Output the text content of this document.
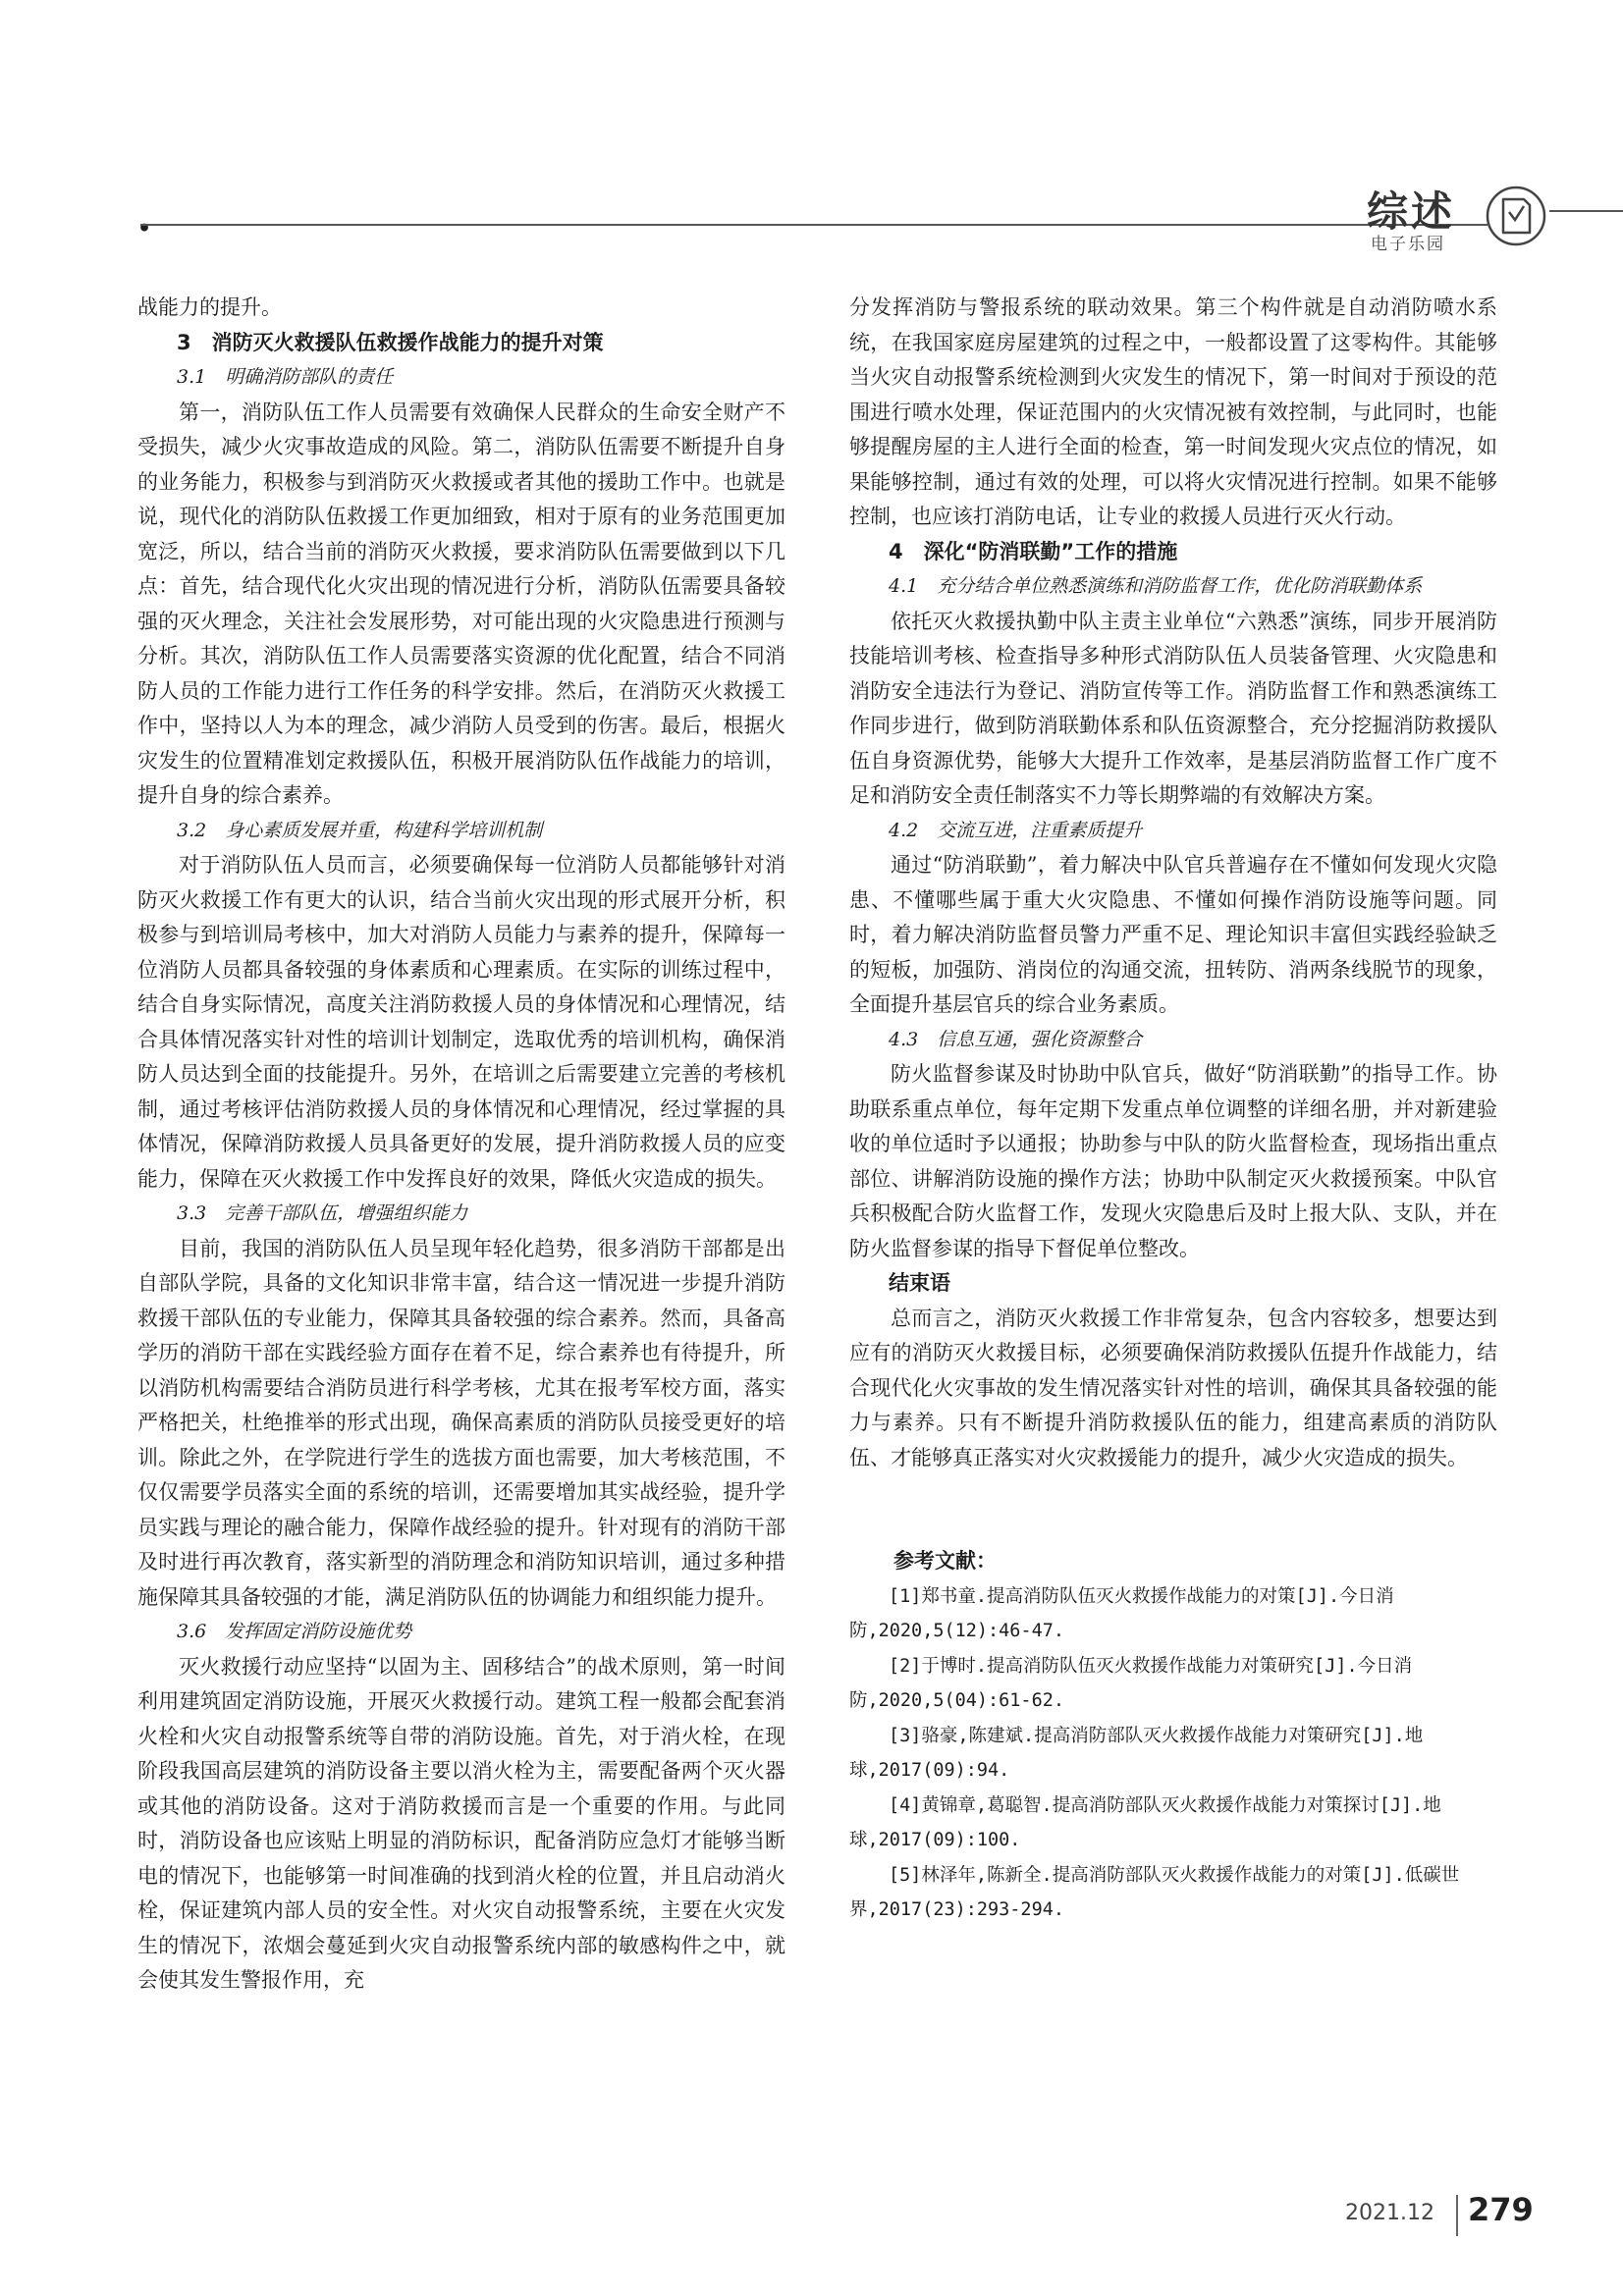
•	综述
电子乐园

战能力的提升。

3　消防灭火救援队伍救援作战能力的提升对策
3.1　明确消防部队的责任

第一，消防队伍工作人员需要有效确保人民群众的生命安全财产不受损失，减少火灾事故造成的风险。第二，消防队伍需要不断提升自身的业务能力，积极参与到消防灭火救援或者其他的援助工作中。也就是说，现代化的消防队伍救援工作更加细致，相对于原有的业务范围更加宽泛，所以，结合当前的消防灭火救援，要求消防队伍需要做到以下几点：首先，结合现代化火灾出现的情况进行分析，消防队伍需要具备较强的灭火理念，关注社会发展形势，对可能出现的火灾隐患进行预测与分析。其次，消防队伍工作人员需要落实资源的优化配置，结合不同消防人员的工作能力进行工作任务的科学安排。然后，在消防灭火救援工作中，坚持以人为本的理念，减少消防人员受到的伤害。最后，根据火灾发生的位置精准划定救援队伍，积极开展消防队伍作战能力的培训，提升自身的综合素养。

3.2　身心素质发展并重，构建科学培训机制

对于消防队伍人员而言，必须要确保每一位消防人员都能够针对消防灭火救援工作有更大的认识，结合当前火灾出现的形式展开分析，积极参与到培训局考核中，加大对消防人员能力与素养的提升，保障每一位消防人员都具备较强的身体素质和心理素质。在实际的训练过程中，结合自身实际情况，高度关注消防救援人员的身体情况和心理情况，结合具体情况落实针对性的培训计划制定，选取优秀的培训机构，确保消防人员达到全面的技能提升。另外，在培训之后需要建立完善的考核机制，通过考核评估消防救援人员的身体情况和心理情况，经过掌握的具体情况，保障消防救援人员具备更好的发展，提升消防救援人员的应变能力，保障在灭火救援工作中发挥良好的效果，降低火灾造成的损失。

3.3　完善干部队伍，增强组织能力

目前，我国的消防队伍人员呈现年轻化趋势，很多消防干部都是出自部队学院，具备的文化知识非常丰富，结合这一情况进一步提升消防救援干部队伍的专业能力，保障其具备较强的综合素养。然而，具备高学历的消防干部在实践经验方面存在着不足，综合素养也有待提升，所以消防机构需要结合消防员进行科学考核，尤其在报考军校方面，落实严格把关，杜绝推举的形式出现，确保高素质的消防队员接受更好的培训。除此之外，在学院进行学生的选拔方面也需要，加大考核范围，不仅仅需要学员落实全面的系统的培训，还需要增加其实战经验，提升学员实践与理论的融合能力，保障作战经验的提升。针对现有的消防干部及时进行再次教育，落实新型的消防理念和消防知识培训，通过多种措施保障其具备较强的才能，满足消防队伍的协调能力和组织能力提升。

3.6　发挥固定消防设施优势

灭火救援行动应坚持“以固为主、固移结合”的战术原则，第一时间利用建筑固定消防设施，开展灭火救援行动。建筑工程一般都会配套消火栓和火灾自动报警系统等自带的消防设施。首先，对于消火栓，在现阶段我国高层建筑的消防设备主要以消火栓为主，需要配备两个灭火器或其他的消防设备。这对于消防救援而言是一个重要的作用。与此同时，消防设备也应该贴上明显的消防标识，配备消防应急灯才能够当断电的情况下，也能够第一时间准确的找到消火栓的位置，并且启动消火栓，保证建筑内部人员的安全性。对火灾自动报警系统，主要在火灾发生的情况下，浓烟会蔓延到火灾自动报警系统内部的敏感构件之中，就会使其发生警报作用，充

分发挥消防与警报系统的联动效果。第三个构件就是自动消防喷水系统，在我国家庭房屋建筑的过程之中，一般都设置了这零构件。其能够当火灾自动报警系统检测到火灾发生的情况下，第一时间对于预设的范围进行喷水处理，保证范围内的火灾情况被有效控制，与此同时，也能够提醒房屋的主人进行全面的检查，第一时间发现火灾点位的情况，如果能够控制，通过有效的处理，可以将火灾情况进行控制。如果不能够控制，也应该打消防电话，让专业的救援人员进行灭火行动。

4　深化“防消联勤”工作的措施
4.1　充分结合单位熟悉演练和消防监督工作，优化防消联勤体系

依托灭火救援执勤中队主责主业单位“六熟悉”演练，同步开展消防技能培训考核、检查指导多种形式消防队伍人员装备管理、火灾隐患和消防安全违法行为登记、消防宣传等工作。消防监督工作和熟悉演练工作同步进行，做到防消联勤体系和队伍资源整合，充分挖掘消防救援队伍自身资源优势，能够大大提升工作效率，是基层消防监督工作广度不足和消防安全责任制落实不力等长期弊端的有效解决方案。

4.2　交流互进，注重素质提升

通过“防消联勤”，着力解决中队官兵普遍存在不懂如何发现火灾隐患、不懂哪些属于重大火灾隐患、不懂如何操作消防设施等问题。同时，着力解决消防监督员警力严重不足、理论知识丰富但实践经验缺乏的短板，加强防、消岗位的沟通交流，扭转防、消两条线脱节的现象，全面提升基层官兵的综合业务素质。

4.3　信息互通，强化资源整合

防火监督参谋及时协助中队官兵，做好“防消联勤”的指导工作。协助联系重点单位，每年定期下发重点单位调整的详细名册，并对新建验收的单位适时予以通报；协助参与中队的防火监督检查，现场指出重点部位、讲解消防设施的操作方法；协助中队制定灭火救援预案。中队官兵积极配合防火监督工作，发现火灾隐患后及时上报大队、支队，并在防火监督参谋的指导下督促单位整改。

结束语

总而言之，消防灭火救援工作非常复杂，包含内容较多，想要达到应有的消防灭火救援目标，必须要确保消防救援队伍提升作战能力，结合现代化火灾事故的发生情况落实针对性的培训，确保其具备较强的能力与素养。只有不断提升消防救援队伍的能力，组建高素质的消防队伍、才能够真正落实对火灾救援能力的提升，减少火灾造成的损失。

参考文献：

[1]郑书童.提高消防队伍灭火救援作战能力的对策[J].今日消防,2020,5(12):46-47.

[2]于博时.提高消防队伍灭火救援作战能力对策研究[J].今日消防,2020,5(04):61-62.

[3]骆豪,陈建斌.提高消防部队灭火救援作战能力对策研究[J].地球,2017(09):94.

[4]黄锦章,葛聪智.提高消防部队灭火救援作战能力对策探讨[J].地球,2017(09):100.

[5]林泽年,陈新全.提高消防部队灭火救援作战能力的对策[J].低碳世界,2017(23):293-294.

2021.12 279
